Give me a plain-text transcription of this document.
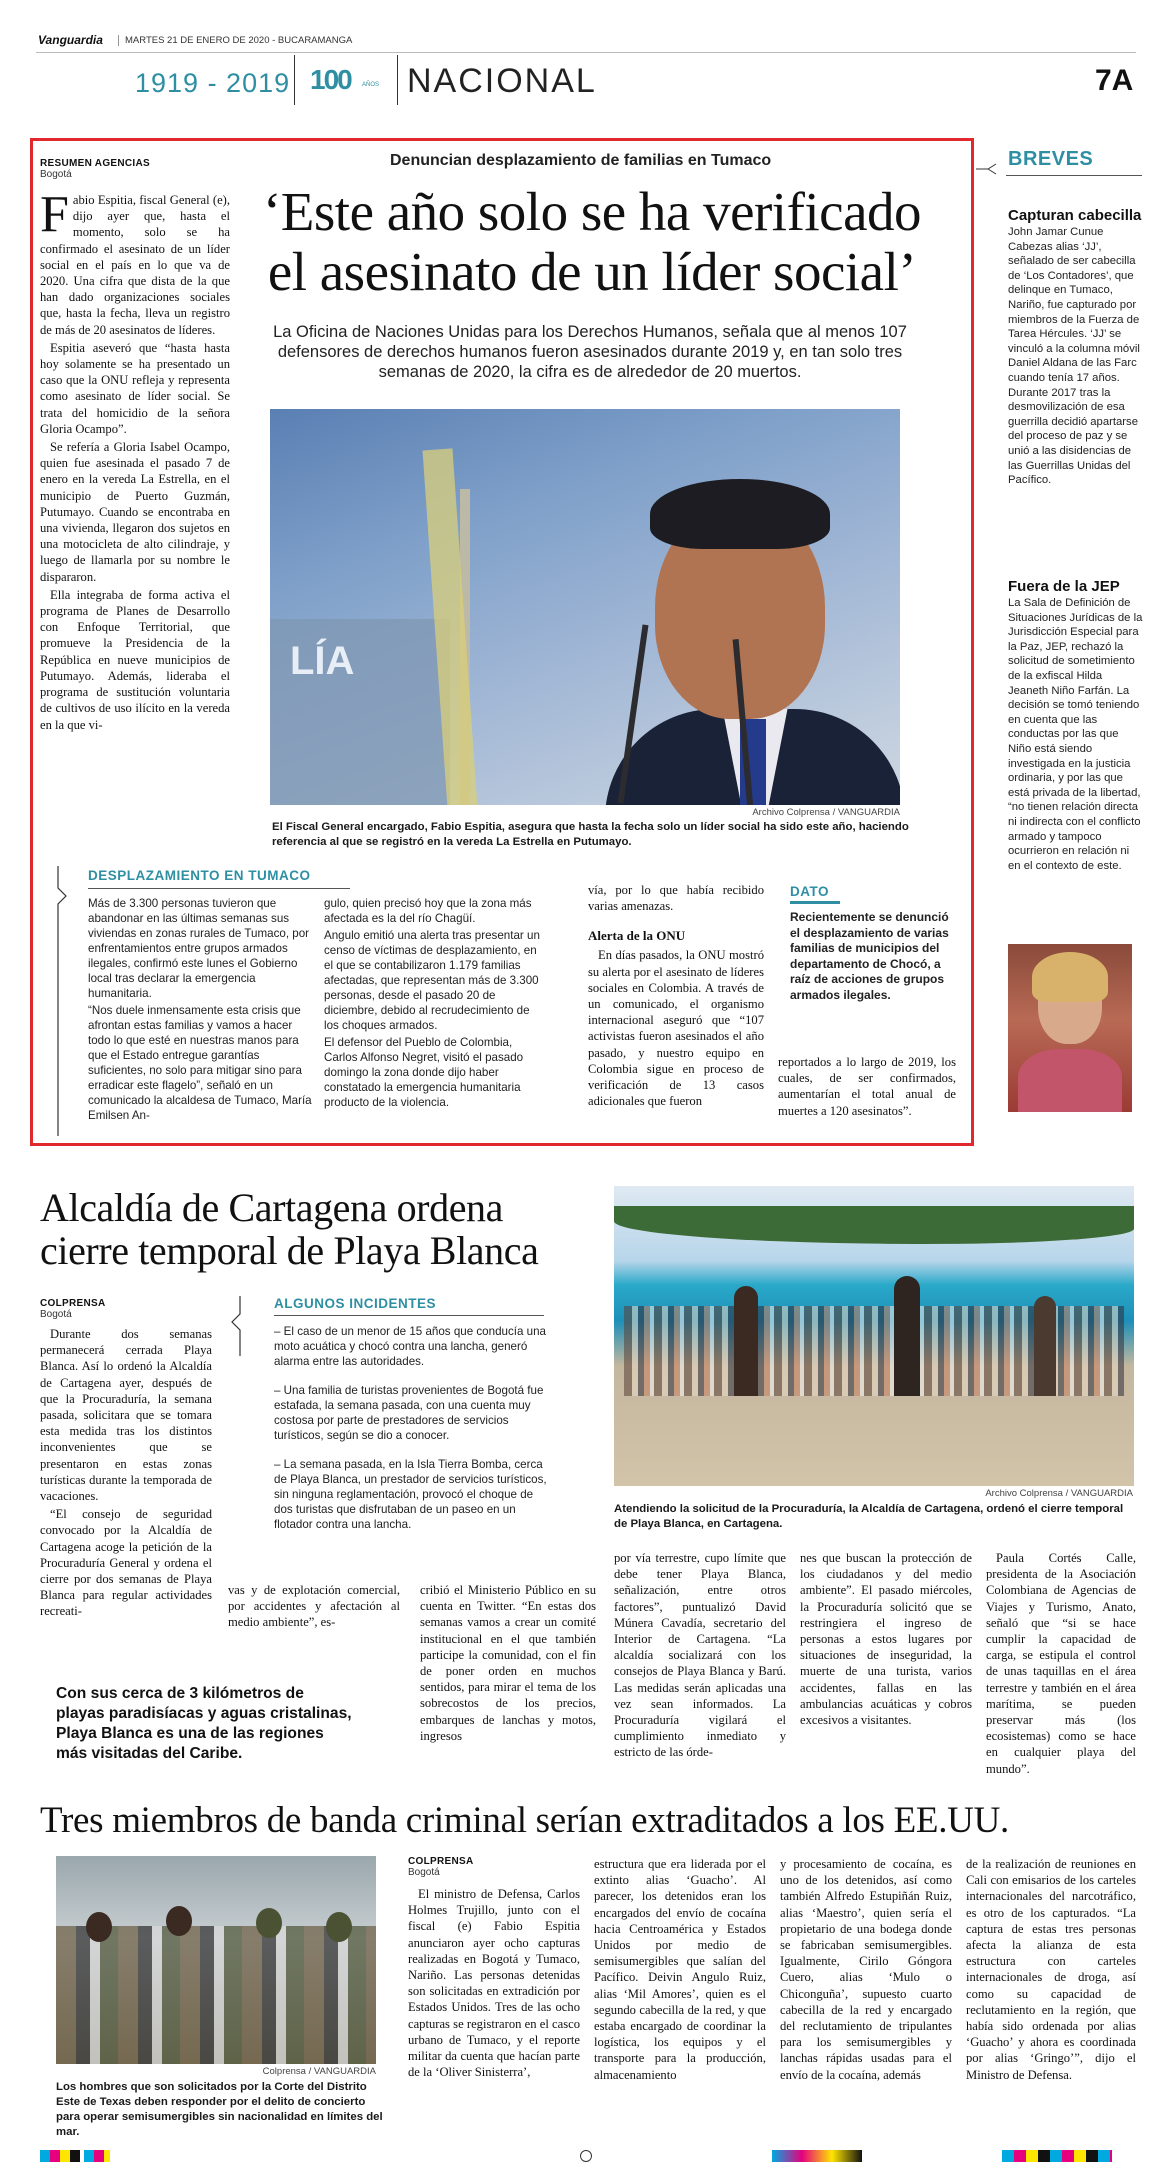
Vanguardia	MARTES 21 DE ENERO DE 2020 - BUCARAMANGA
1919 - 2019 100 AÑOS NACIONAL	7A
RESUMEN AGENCIAS
Bogotá
Denuncian desplazamiento de familias en Tumaco
‘Este año solo se ha verificado
el asesinato de un líder social’
La Oficina de Naciones Unidas para los Derechos Humanos, señala que al menos 107 defensores de derechos humanos fueron asesinados durante 2019 y, en tan solo tres semanas de 2020, la cifra es de alrededor de 20 muertos.
F abio Espitia, fiscal General (e), dijo ayer que, hasta el momento, solo se ha confirmado el asesinato de un líder social en el país en lo que va de 2020. Una cifra que dista de la que han dado organizaciones sociales que, hasta la fecha, lleva un registro de más de 20 asesinatos de líderes.

Espitia aseveró que “hasta hasta hoy solamente se ha presentado un caso que la ONU refleja y representa como asesinato de líder social. Se trata del homicidio de la señora Gloria Ocampo”.

Se refería a Gloria Isabel Ocampo, quien fue asesinada el pasado 7 de enero en la vereda La Estrella, en el municipio de Puerto Guzmán, Putumayo. Cuando se encontraba en una vivienda, llegaron dos sujetos en una motocicleta de alto cilindraje, y luego de llamarla por su nombre le dispararon.

Ella integraba de forma activa el programa de Planes de Desarrollo con Enfoque Territorial, que promueve la Presidencia de la República en nueve municipios de Putumayo. Además, lideraba el programa de sustitución voluntaria de cultivos de uso ilícito en la vereda en la que vi-

LÍA
Archivo Colprensa / VANGUARDIA
El Fiscal General encargado, Fabio Espitia, asegura que hasta la fecha solo un líder social ha sido este año, haciendo referencia al que se registró en la vereda La Estrella en Putumayo.
DESPLAZAMIENTO EN TUMACO

Más de 3.300 personas tuvieron que abandonar en las últimas semanas sus viviendas en zonas rurales de Tumaco, por enfrentamientos entre grupos armados ilegales, confirmó este lunes el Gobierno local tras declarar la emergencia humanitaria.

“Nos duele inmensamente esta crisis que afrontan estas familias y vamos a hacer todo lo que esté en nuestras manos para que el Estado entregue garantías suficientes, no solo para mitigar sino para erradicar este flagelo”, señaló en un comunicado la alcaldesa de Tumaco, María Emilsen An-

gulo, quien precisó hoy que la zona más afectada es la del río Chagüí.

Angulo emitió una alerta tras presentar un censo de víctimas de desplazamiento, en el que se contabilizaron 1.179 familias afectadas, que representan más de 3.300 personas, desde el pasado 20 de diciembre, debido al recrudecimiento de los choques armados.

El defensor del Pueblo de Colombia, Carlos Alfonso Negret, visitó el pasado domingo la zona donde dijo haber constatado la emergencia humanitaria producto de la violencia.

vía, por lo que había recibido varias amenazas.

Alerta de la ONU

En días pasados, la ONU mostró su alerta por el asesinato de líderes sociales en Colombia. A través de un comunicado, el organismo internacional aseguró que “107 activistas fueron asesinados el año pasado, y nuestro equipo en Colombia sigue en proceso de verificación de 13 casos adicionales que fueron

DATO
Recientemente se denunció el desplazamiento de varias familias de municipios del departamento de Chocó, a raíz de acciones de grupos armados ilegales.

reportados a lo largo de 2019, los cuales, de ser confirmados, aumentarían el total anual de muertes a 120 asesinatos”.

BREVES
Capturan cabecilla
John Jamar Cunue Cabezas alias ‘JJ’, señalado de ser cabecilla de ‘Los Contadores’, que delinque en Tumaco, Nariño, fue capturado por miembros de la Fuerza de Tarea Hércules. ‘JJ’ se vinculó a la columna móvil Daniel Aldana de las Farc cuando tenía 17 años. Durante 2017 tras la desmovilización de esa guerrilla decidió apartarse del proceso de paz y se unió a las disidencias de las Guerrillas Unidas del Pacífico.
Fuera de la JEP
La Sala de Definición de Situaciones Jurídicas de la Jurisdicción Especial para la Paz, JEP, rechazó la solicitud de sometimiento de la exfiscal Hilda Jeaneth Niño Farfán. La decisión se tomó teniendo en cuenta que las conductas por las que Niño está siendo investigada en la justicia ordinaria, y por las que está privada de la libertad, “no tienen relación directa ni indirecta con el conflicto armado y tampoco ocurrieron en relación ni en el contexto de este.
Alcaldía de Cartagena ordena
cierre temporal de Playa Blanca
COLPRENSA
Bogotá

Durante dos semanas permanecerá cerrada Playa Blanca. Así lo ordenó la Alcaldía de Cartagena ayer, después de que la Procuraduría, la semana pasada, solicitara que se tomara esta medida tras los distintos inconvenientes que se presentaron en estas zonas turísticas durante la temporada de vacaciones.

“El consejo de seguridad convocado por la Alcaldía de Cartagena acoge la petición de la Procuraduría General y ordena el cierre por dos semanas de Playa Blanca para regular actividades recreati-

ALGUNOS INCIDENTES

– El caso de un menor de 15 años que conducía una moto acuática y chocó contra una lancha, generó alarma entre las autoridades.

– Una familia de turistas provenientes de Bogotá fue estafada, la semana pasada, con una cuenta muy costosa por parte de prestadores de servicios turísticos, según se dio a conocer.

– La semana pasada, en la Isla Tierra Bomba, cerca de Playa Blanca, un prestador de servicios turísticos, sin ninguna reglamentación, provocó el choque de dos turistas que disfrutaban de un paseo en un flotador contra una lancha.

vas y de explotación comercial, por accidentes y afectación al medio ambiente”, es-

cribió el Ministerio Público en su cuenta en Twitter. “En estas dos semanas vamos a crear un comité institucional en el que también participe la comunidad, con el fin de poner orden en muchos sentidos, para mirar el tema de los sobrecostos de los precios, embarques de lanchas y motos, ingresos

Con sus cerca de 3 kilómetros de playas paradisíacas y aguas cristalinas, Playa Blanca es una de las regiones más visitadas del Caribe.
Archivo Colprensa / VANGUARDIA
Atendiendo la solicitud de la Procuraduría, la Alcaldía de Cartagena, ordenó el cierre temporal de Playa Blanca, en Cartagena.

por vía terrestre, cupo límite que debe tener Playa Blanca, señalización, entre otros factores”, puntualizó David Múnera Cavadía, secretario del Interior de Cartagena. “La alcaldía socializará con los consejos de Playa Blanca y Barú. Las medidas serán aplicadas una vez sean informados. La Procuraduría vigilará el cumplimiento inmediato y estricto de las órde-

nes que buscan la protección de los ciudadanos y del medio ambiente”. El pasado miércoles, la Procuraduría solicitó que se restringiera el ingreso de personas a estos lugares por situaciones de inseguridad, la muerte de una turista, varios accidentes, fallas en las ambulancias acuáticas y cobros excesivos a visitantes.

Paula Cortés Calle, presidenta de la Asociación Colombiana de Agencias de Viajes y Turismo, Anato, señaló que “si se hace cumplir la capacidad de carga, se estipula el control de unas taquillas en el área terrestre y también en el área marítima, se pueden preservar más (los ecosistemas) como se hace en cualquier playa del mundo”.

Tres miembros de banda criminal serían extraditados a los EE.UU.
Colprensa / VANGUARDIA
Los hombres que son solicitados por la Corte del Distrito Este de Texas deben responder por el delito de concierto para operar semisumergibles sin nacionalidad en límites del mar.
COLPRENSA
Bogotá

El ministro de Defensa, Carlos Holmes Trujillo, junto con el fiscal (e) Fabio Espitia anunciaron ayer ocho capturas realizadas en Bogotá y Tumaco, Nariño. Las personas detenidas son solicitadas en extradición por Estados Unidos. Tres de las ocho capturas se registraron en el casco urbano de Tumaco, y el reporte militar da cuenta que hacían parte de la ‘Oliver Sinisterra’,

estructura que era liderada por el extinto alias ‘Guacho’. Al parecer, los detenidos eran los encargados del envío de cocaína hacia Centroamérica y Estados Unidos por medio de semisumergibles que salían del Pacífico. Deivin Angulo Ruiz, alias ‘Mil Amores’, quien es el segundo cabecilla de la red, y que estaba encargado de coordinar la logística, los equipos y el transporte para la producción, almacenamiento

y procesamiento de cocaína, es uno de los detenidos, así como también Alfredo Estupiñán Ruiz, alias ‘Maestro’, quien sería el propietario de una bodega donde se fabricaban semisumergibles. Igualmente, Cirilo Góngora Cuero, alias ‘Mulo o Chiconguña’, supuesto cuarto cabecilla de la red y encargado del reclutamiento de tripulantes para los semisumergibles y lanchas rápidas usadas para el envío de la cocaína, además

de la realización de reuniones en Cali con emisarios de los carteles internacionales del narcotráfico, es otro de los capturados. “La captura de estas tres personas afecta la alianza de esta estructura con carteles internacionales de droga, así como su capacidad de reclutamiento en la región, que había sido ordenada por alias ‘Guacho’ y ahora es coordinada por alias ‘Gringo’”, dijo el Ministro de Defensa.
